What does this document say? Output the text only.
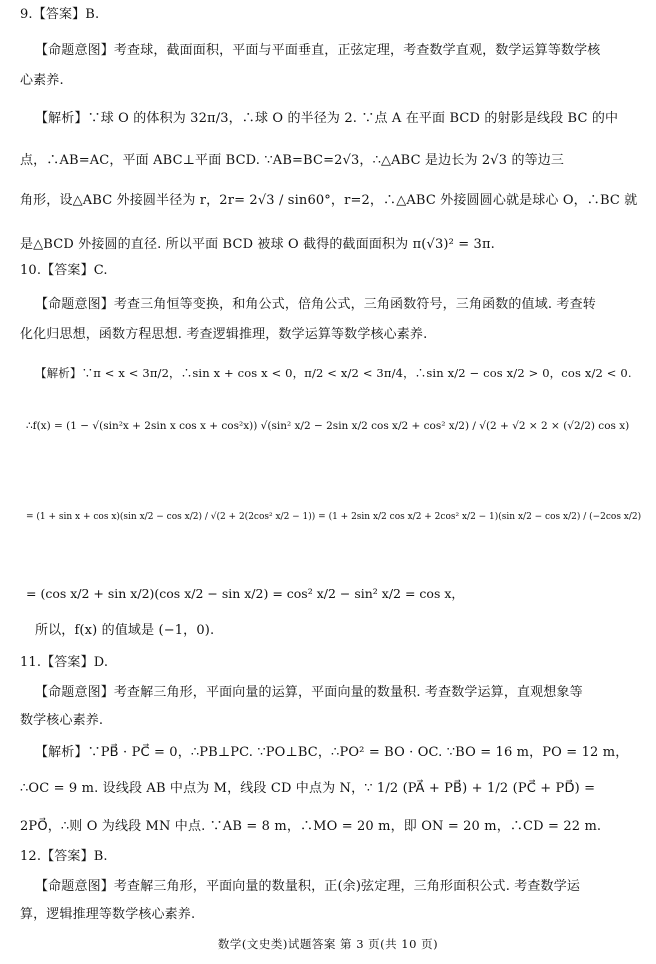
9.【答案】B.
【命题意图】考查球，截面面积，平面与平面垂直，正弦定理，考查数学直观，数学运算等数学核
心素养.
【解析】∵球 O 的体积为 32π/3，∴球 O 的半径为 2. ∵点 A 在平面 BCD 的射影是线段 BC 的中
点，∴AB=AC，平面 ABC⊥平面 BCD. ∵AB=BC=2√3，∴△ABC 是边长为 2√3 的等边三
角形，设△ABC 外接圆半径为 r，2r= 2√3 / sin60°，r=2，∴△ABC 外接圆圆心就是球心 O，∴BC 就
是△BCD 外接圆的直径. 所以平面 BCD 被球 O 截得的截面面积为 π(√3)² = 3π.
10.【答案】C.
【命题意图】考查三角恒等变换，和角公式，倍角公式，三角函数符号，三角函数的值域. 考查转
化化归思想，函数方程思想. 考查逻辑推理，数学运算等数学核心素养.
【解析】∵π < x < 3π/2，∴sin x + cos x < 0，π/2 < x/2 < 3π/4，∴sin x/2 − cos x/2 > 0，cos x/2 < 0.
∴f(x) = (1 − √(sin²x + 2sin x cos x + cos²x)) √(sin² x/2 − 2sin x/2 cos x/2 + cos² x/2) / √(2 + √2 × 2 × (√2/2) cos x)
= (1 + sin x + cos x)(sin x/2 − cos x/2) / √(2 + 2(2cos² x/2 − 1)) = (1 + 2sin x/2 cos x/2 + 2cos² x/2 − 1)(sin x/2 − cos x/2) / (−2cos x/2)
= (cos x/2 + sin x/2)(cos x/2 − sin x/2) = cos² x/2 − sin² x/2 = cos x，
所以，f(x) 的值域是 (−1，0).
11.【答案】D.
【命题意图】考查解三角形，平面向量的运算，平面向量的数量积. 考查数学运算，直观想象等
数学核心素养.
【解析】∵PB⃗ · PC⃗ = 0，∴PB⊥PC. ∵PO⊥BC，∴PO² = BO · OC. ∵BO = 16 m，PO = 12 m，
∴OC = 9 m. 设线段 AB 中点为 M，线段 CD 中点为 N，∵ 1/2 (PA⃗ + PB⃗) + 1/2 (PC⃗ + PD⃗) =
2PO⃗，∴则 O 为线段 MN 中点. ∵AB = 8 m，∴MO = 20 m，即 ON = 20 m，∴CD = 22 m.
12.【答案】B.
【命题意图】考查解三角形，平面向量的数量积，正(余)弦定理，三角形面积公式. 考查数学运
算，逻辑推理等数学核心素养.
数学(文史类)试题答案 第 3 页(共 10 页)
